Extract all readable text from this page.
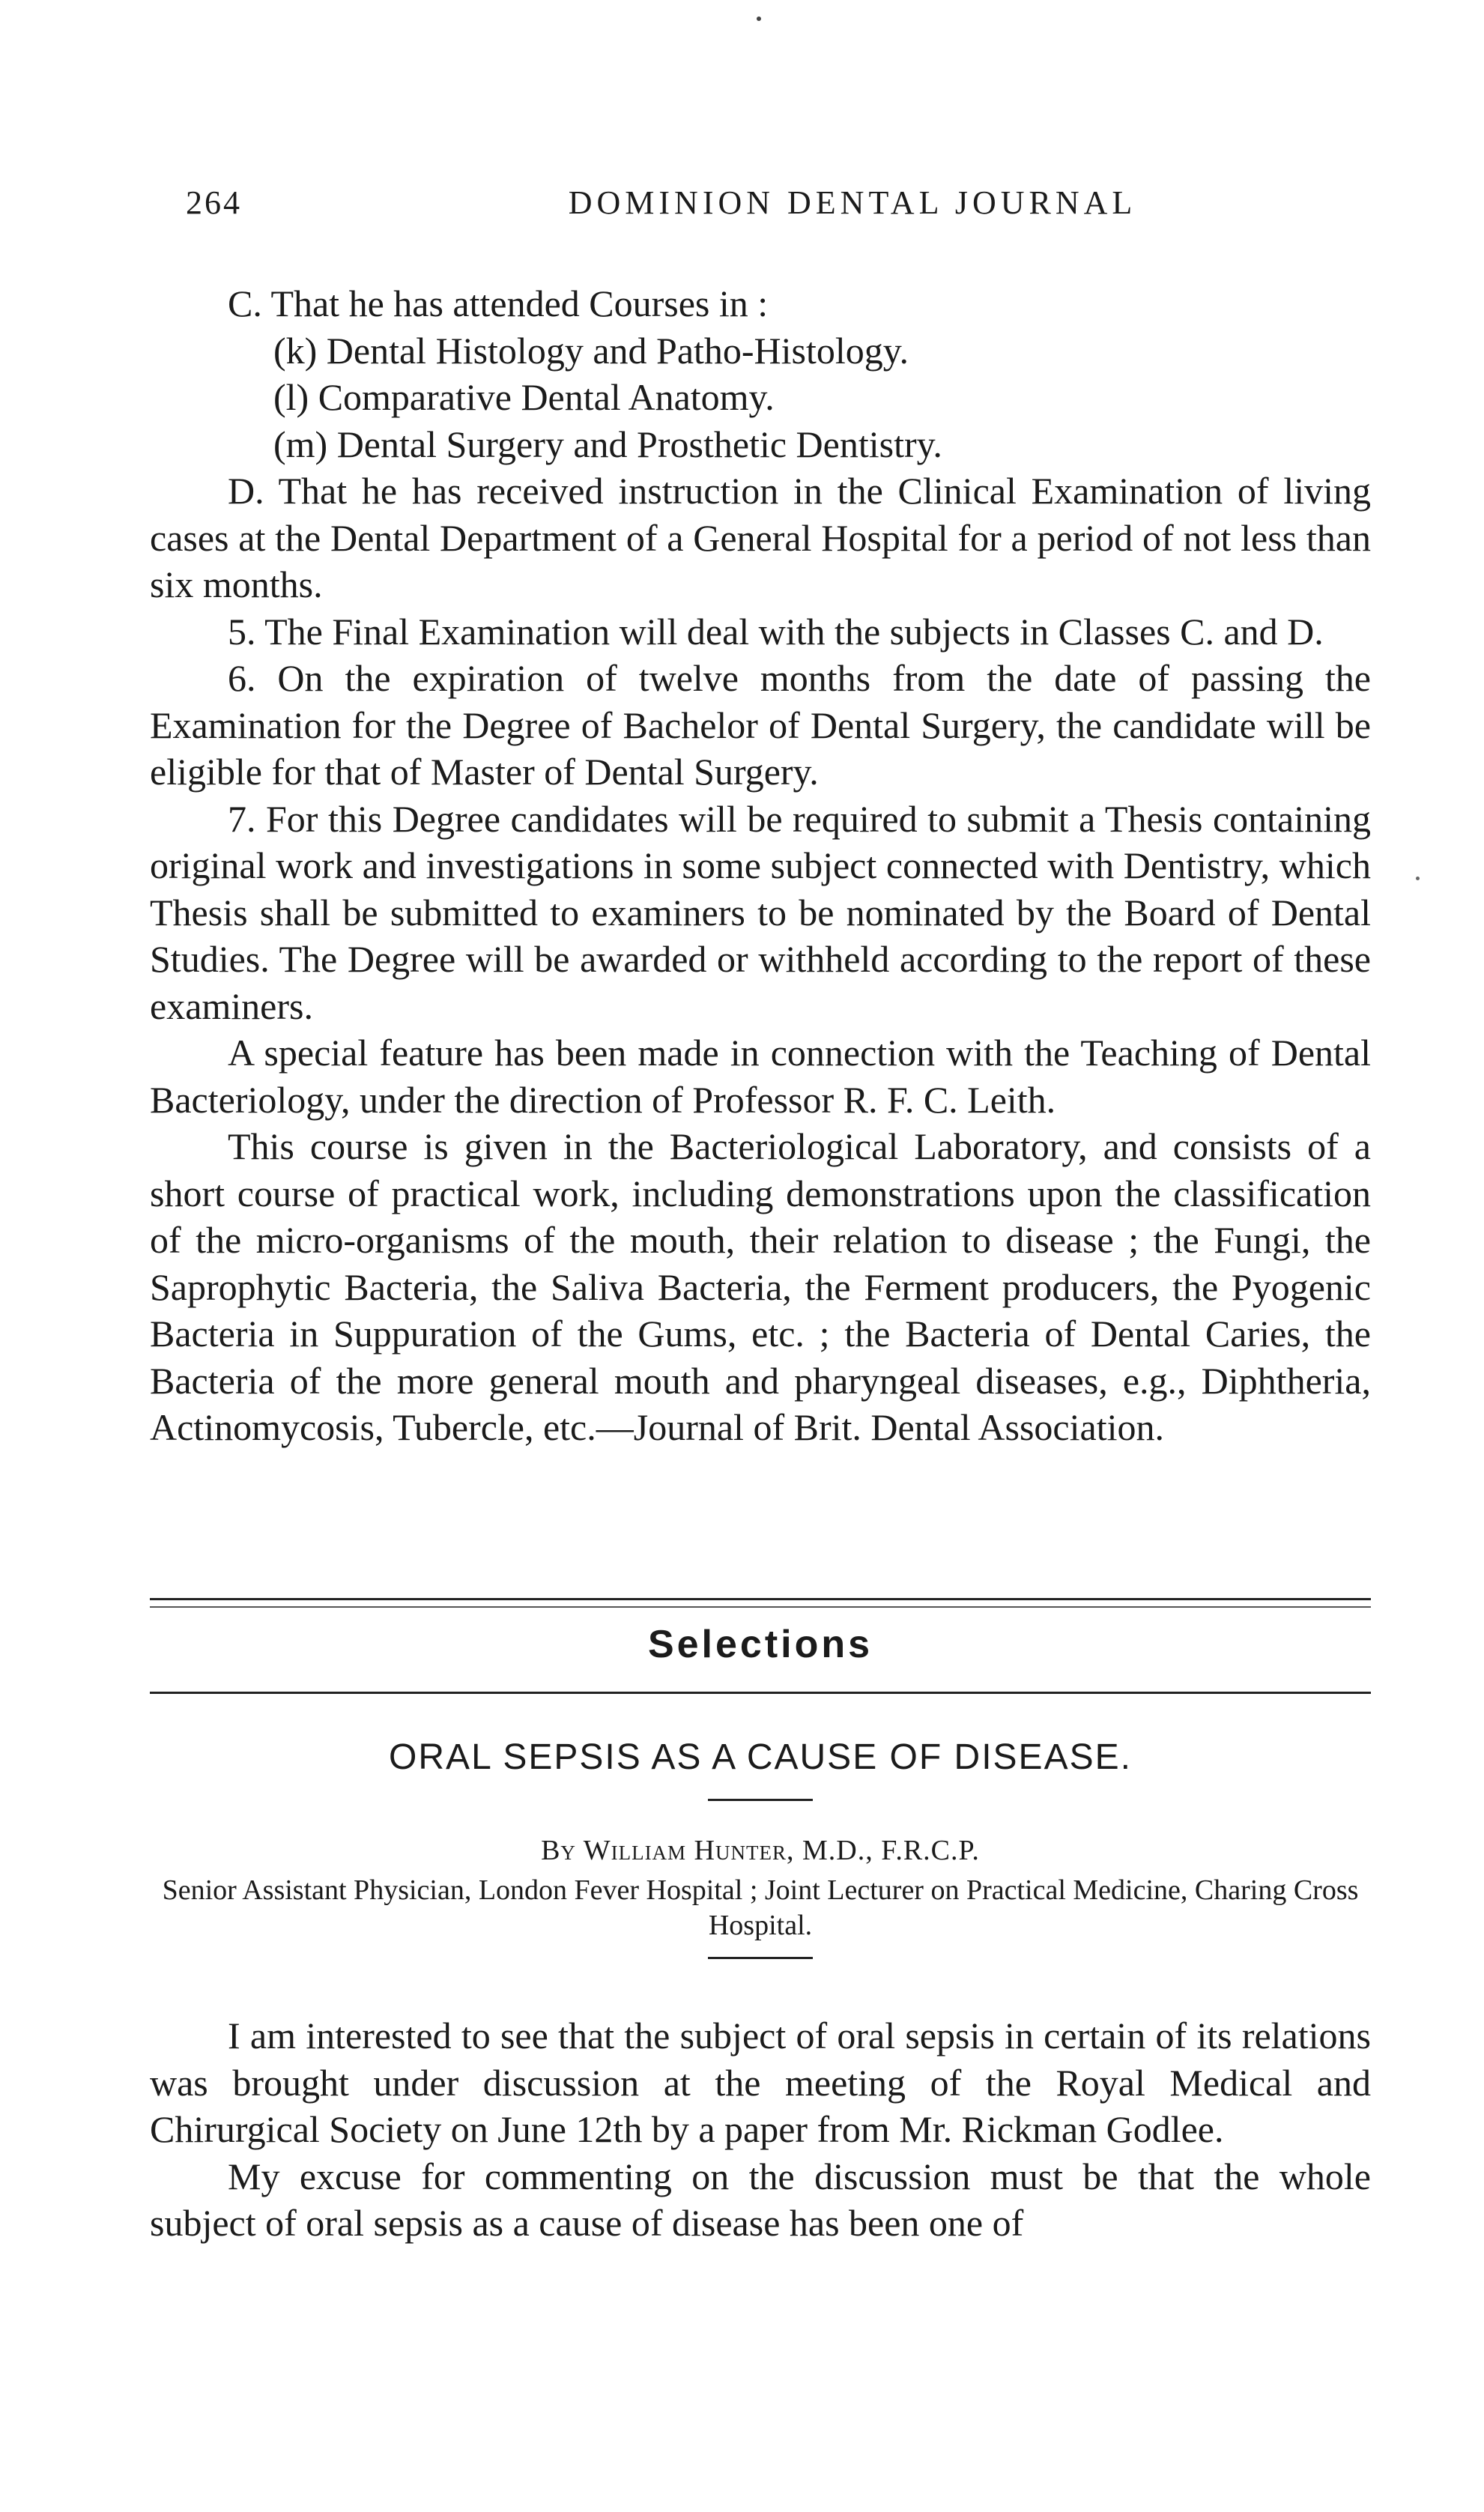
264	DOMINION DENTAL JOURNAL

C. That he has attended Courses in :

(k) Dental Histology and Patho-Histology.

(l) Comparative Dental Anatomy.

(m) Dental Surgery and Prosthetic Dentistry.

D. That he has received instruction in the Clinical Examination of living cases at the Dental Department of a General Hospital for a period of not less than six months.

5. The Final Examination will deal with the subjects in Classes C. and D.

6. On the expiration of twelve months from the date of passing the Examination for the Degree of Bachelor of Dental Surgery, the candidate will be eligible for that of Master of Dental Surgery.

7. For this Degree candidates will be required to submit a Thesis containing original work and investigations in some subject connected with Dentistry, which Thesis shall be submitted to examiners to be nominated by the Board of Dental Studies. The Degree will be awarded or withheld according to the report of these examiners.

A special feature has been made in connection with the Teaching of Dental Bacteriology, under the direction of Professor R. F. C. Leith.

This course is given in the Bacteriological Laboratory, and consists of a short course of practical work, including demonstrations upon the classification of the micro-organisms of the mouth, their relation to disease ; the Fungi, the Saprophytic Bacteria, the Saliva Bacteria, the Ferment producers, the Pyogenic Bacteria in Suppuration of the Gums, etc. ; the Bacteria of Dental Caries, the Bacteria of the more general mouth and pharyngeal diseases, e.g., Diphtheria, Actinomycosis, Tubercle, etc.—Journal of Brit. Dental Association.

Selections
ORAL SEPSIS AS A CAUSE OF DISEASE.
By William Hunter, M.D., F.R.C.P.
Senior Assistant Physician, London Fever Hospital ; Joint Lecturer on Practical Medicine, Charing Cross Hospital.

I am interested to see that the subject of oral sepsis in certain of its relations was brought under discussion at the meeting of the Royal Medical and Chirurgical Society on June 12th by a paper from Mr. Rickman Godlee.

My excuse for commenting on the discussion must be that the whole subject of oral sepsis as a cause of disease has been one of
